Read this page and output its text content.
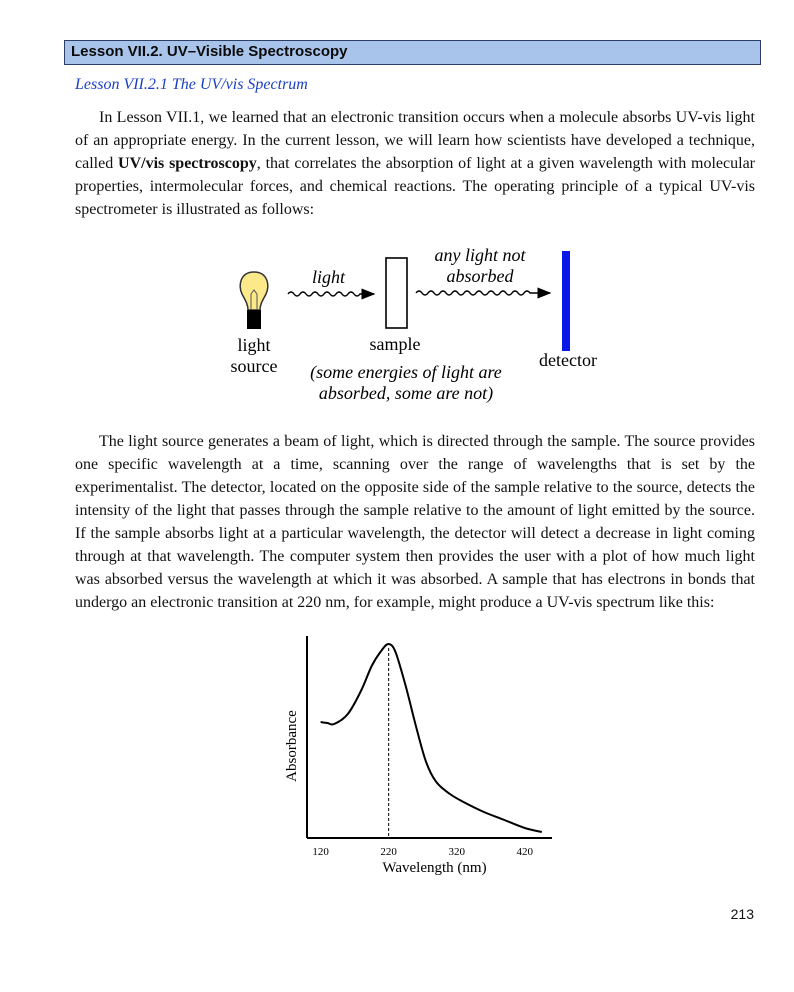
Lesson VII.2. UV–Visible Spectroscopy
Lesson VII.2.1 The UV/vis Spectrum

In Lesson VII.1, we learned that an electronic transition occurs when a molecule absorbs UV-vis light of an appropriate energy. In the current lesson, we will learn how scientists have developed a technique, called UV/vis spectroscopy, that correlates the absorption of light at a given wavelength with molecular properties, intermolecular forces, and chemical reactions. The operating principle of a typical UV-vis spectrometer is illustrated as follows:

light
any light not
absorbed
light
source
sample
(some energies of light are
absorbed, some are not)
detector

The light source generates a beam of light, which is directed through the sample. The source provides one specific wavelength at a time, scanning over the range of wavelengths that is set by the experimentalist. The detector, located on the opposite side of the sample relative to the source, detects the intensity of the light that passes through the sample relative to the amount of light emitted by the source. If the sample absorbs light at a particular wavelength, the detector will detect a decrease in light coming through at that wavelength. The computer system then provides the user with a plot of how much light was absorbed versus the wavelength at which it was absorbed. A sample that has electrons in bonds that undergo an electronic transition at 220 nm, for example, might produce a UV-vis spectrum like this:

120	220	320	420
Wavelength (nm)
Absorbance
213
